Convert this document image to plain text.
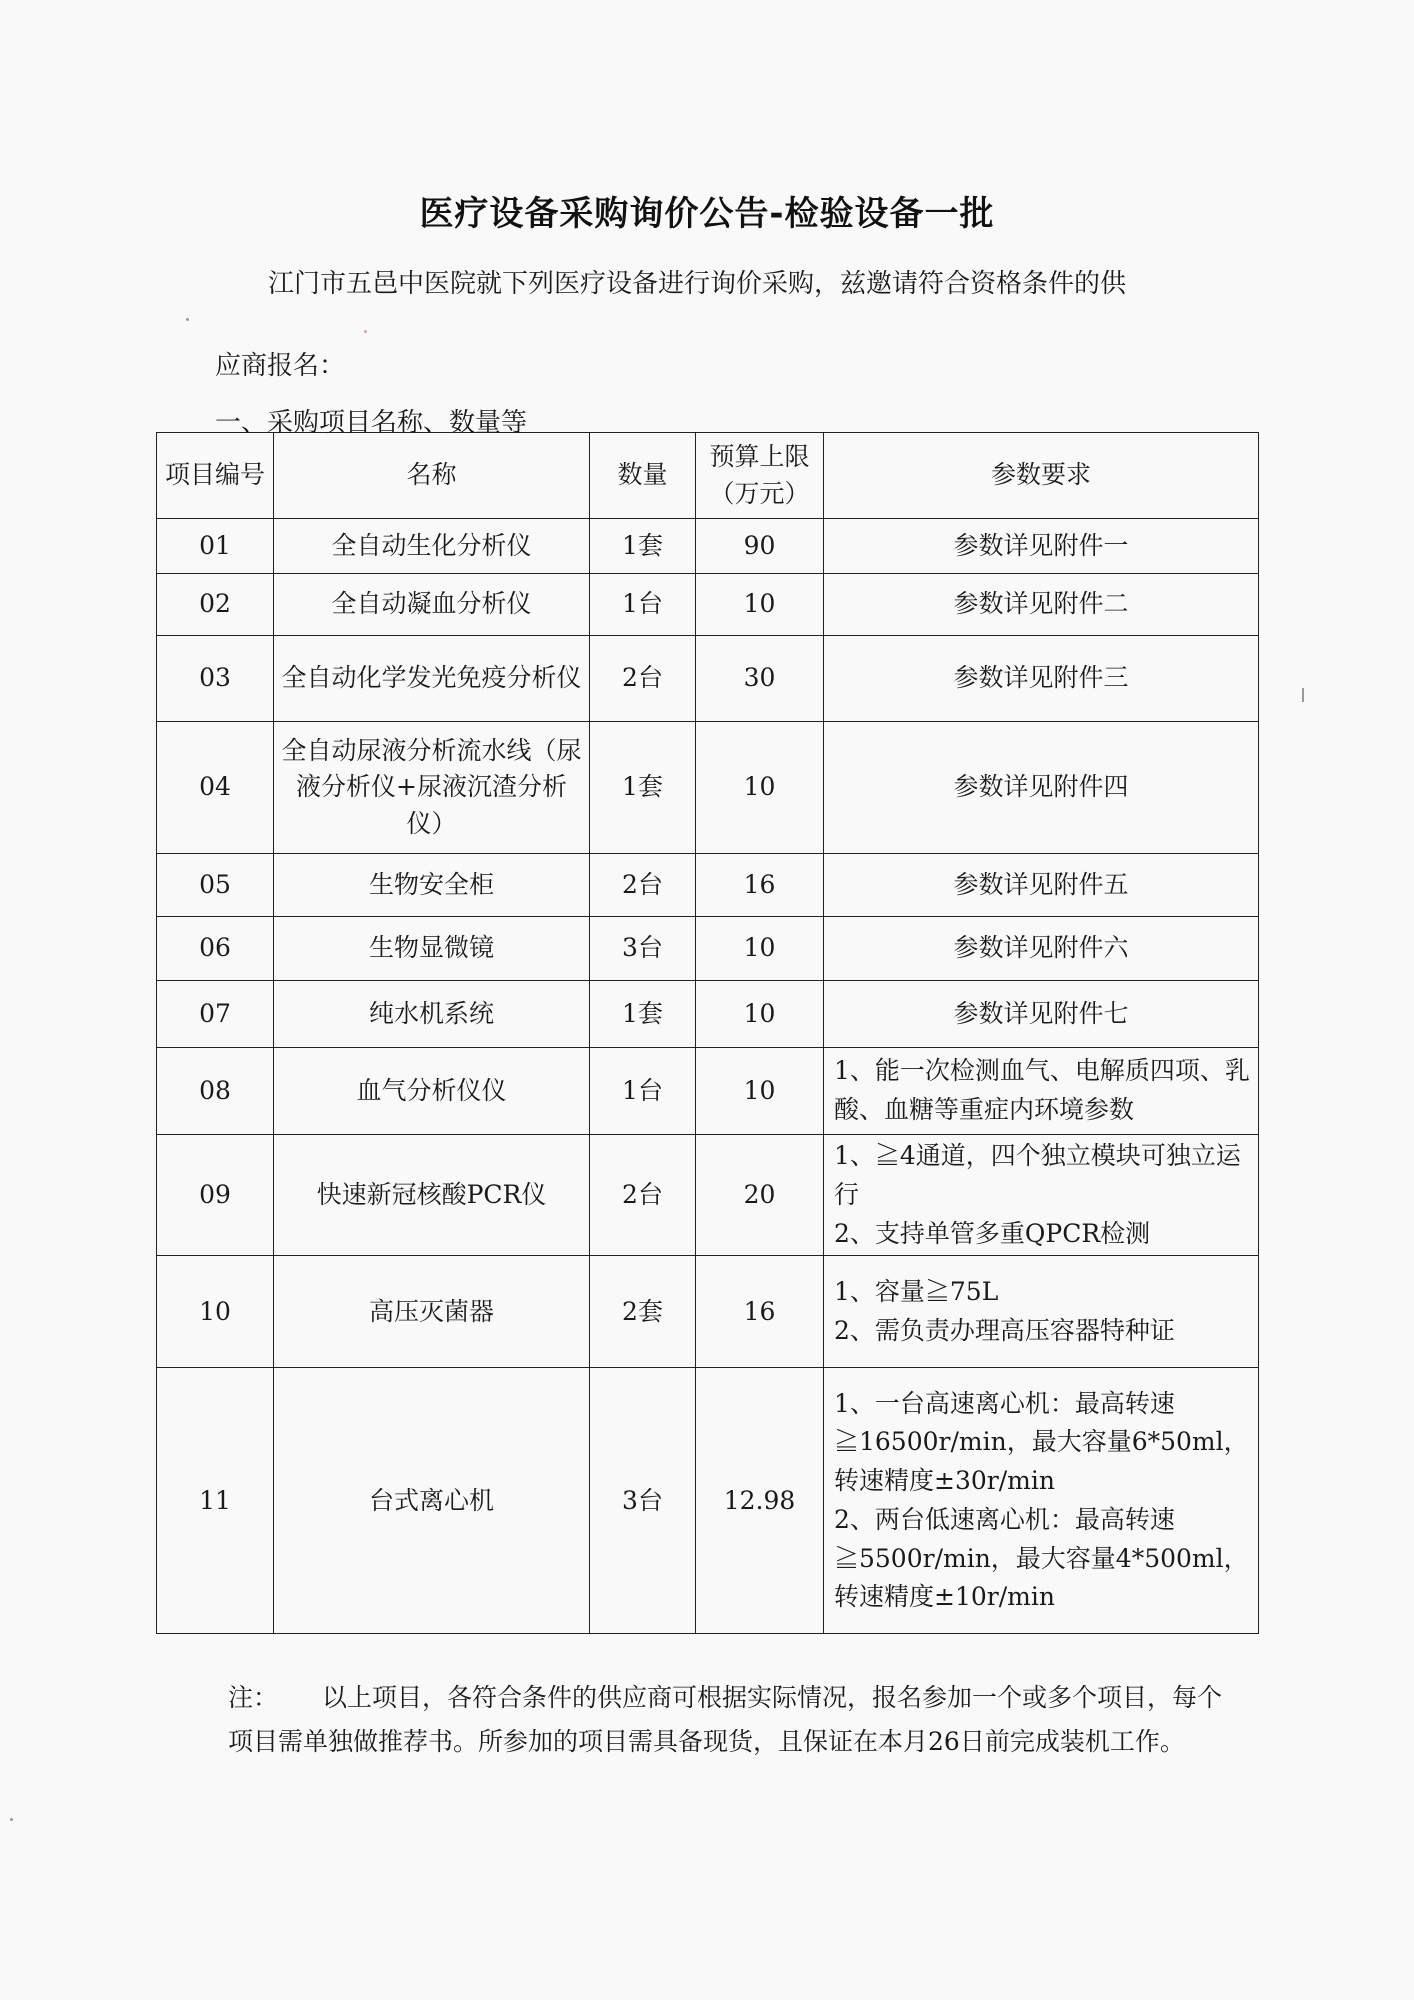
医疗设备采购询价公告-检验设备一批
江门市五邑中医院就下列医疗设备进行询价采购，兹邀请符合资格条件的供
应商报名：
一、采购项目名称、数量等
项目编号	名称	数量	预算上限（万元）	参数要求
01	全自动生化分析仪	1套	90	参数详见附件一
02	全自动凝血分析仪	1台	10	参数详见附件二
03	全自动化学发光免疫分析仪	2台	30	参数详见附件三
04	全自动尿液分析流水线（尿液分析仪+尿液沉渣分析仪）	1套	10	参数详见附件四
05	生物安全柜	2台	16	参数详见附件五
06	生物显微镜	3台	10	参数详见附件六
07	纯水机系统	1套	10	参数详见附件七
08	血气分析仪仪	1台	10	1、能一次检测血气、电解质四项、乳酸、血糖等重症内环境参数

09	快速新冠核酸PCR仪	2台	20	1、≧4通道，四个独立模块可独立运行
2、支持单管多重QPCR检测

10	高压灭菌器	2套	16	1、容量≧75L
2、需负责办理高压容器特种证

11	台式离心机	3台	12.98	1、一台高速离心机：最高转速≧16500r/min，最大容量6*50ml，转速精度±30r/min
2、两台低速离心机：最高转速≧5500r/min，最大容量4*500ml，转速精度±10r/min
注： 以上项目，各符合条件的供应商可根据实际情况，报名参加一个或多个项目，每个项目需单独做推荐书。所参加的项目需具备现货，且保证在本月26日前完成装机工作。
